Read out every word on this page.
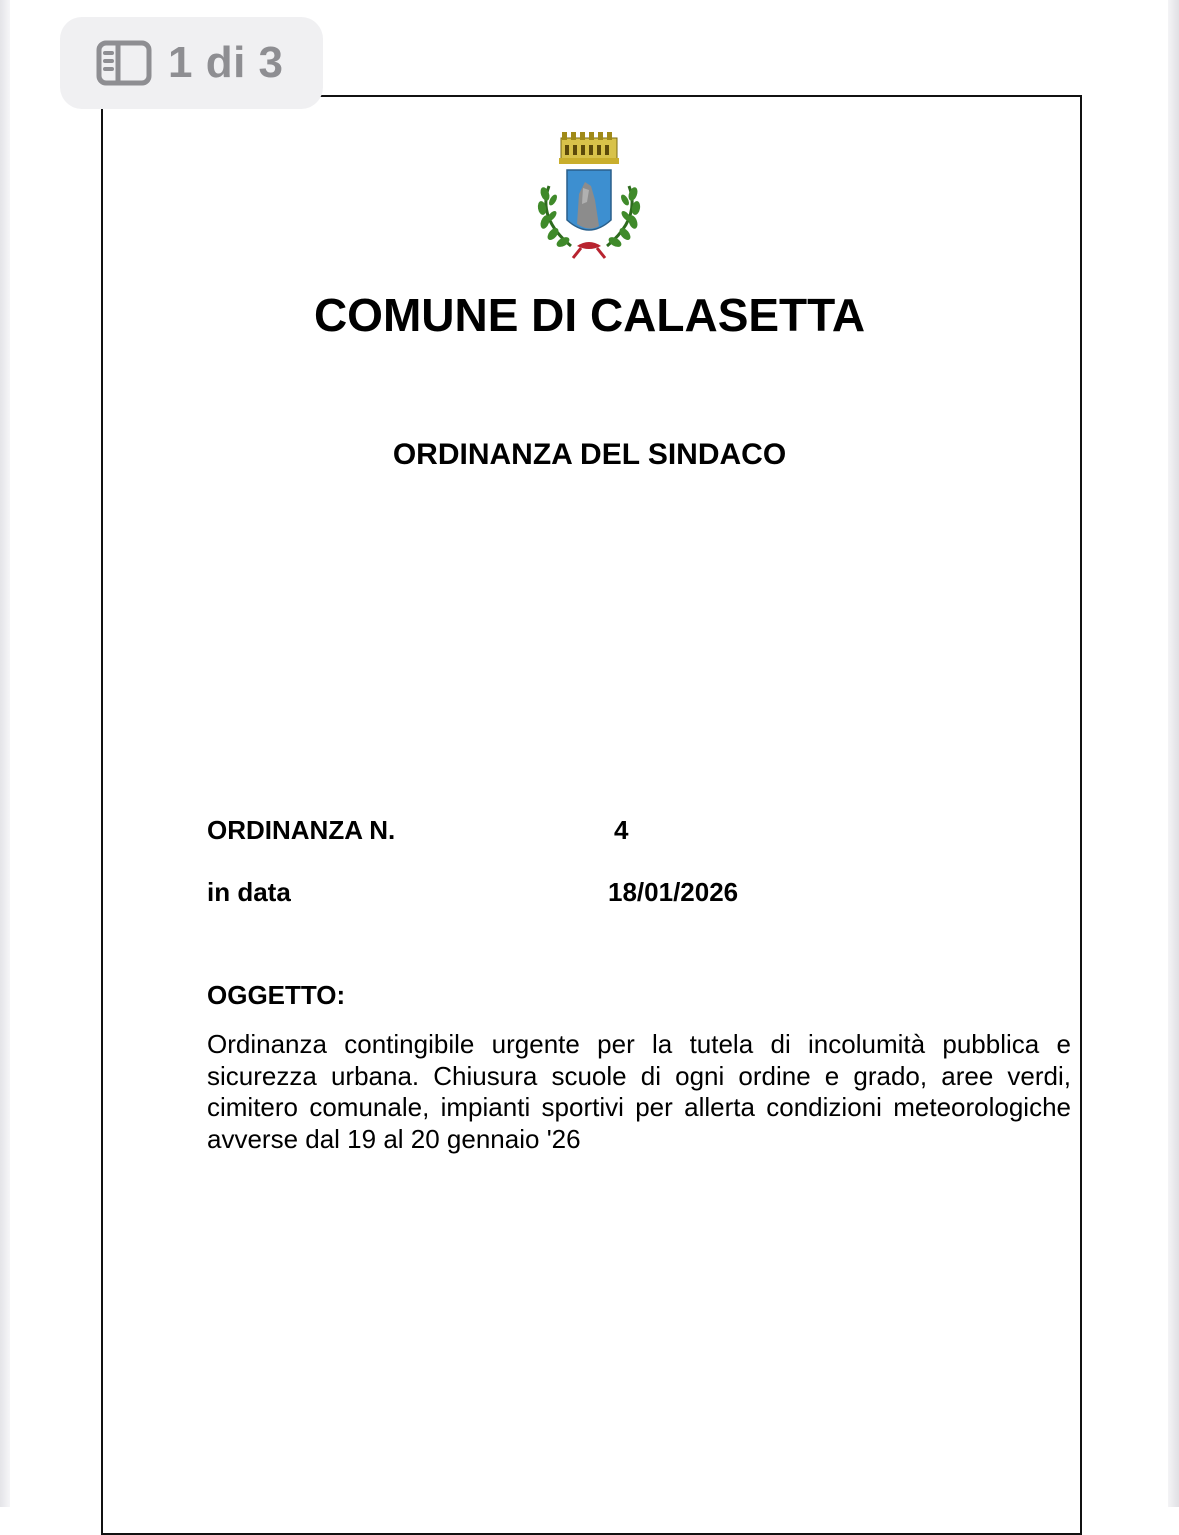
1 di 3
COMUNE DI CALASETTA
ORDINANZA DEL SINDACO
ORDINANZA N.	4
in data	18/01/2026
OGGETTO:

Ordinanza contingibile urgente per la tutela di incolumità pubblica e sicurezza urbana. Chiusura scuole di ogni ordine e grado, aree verdi, cimitero comunale, impianti sportivi per allerta condizioni meteorologiche avverse dal 19 al 20 gennaio '26
